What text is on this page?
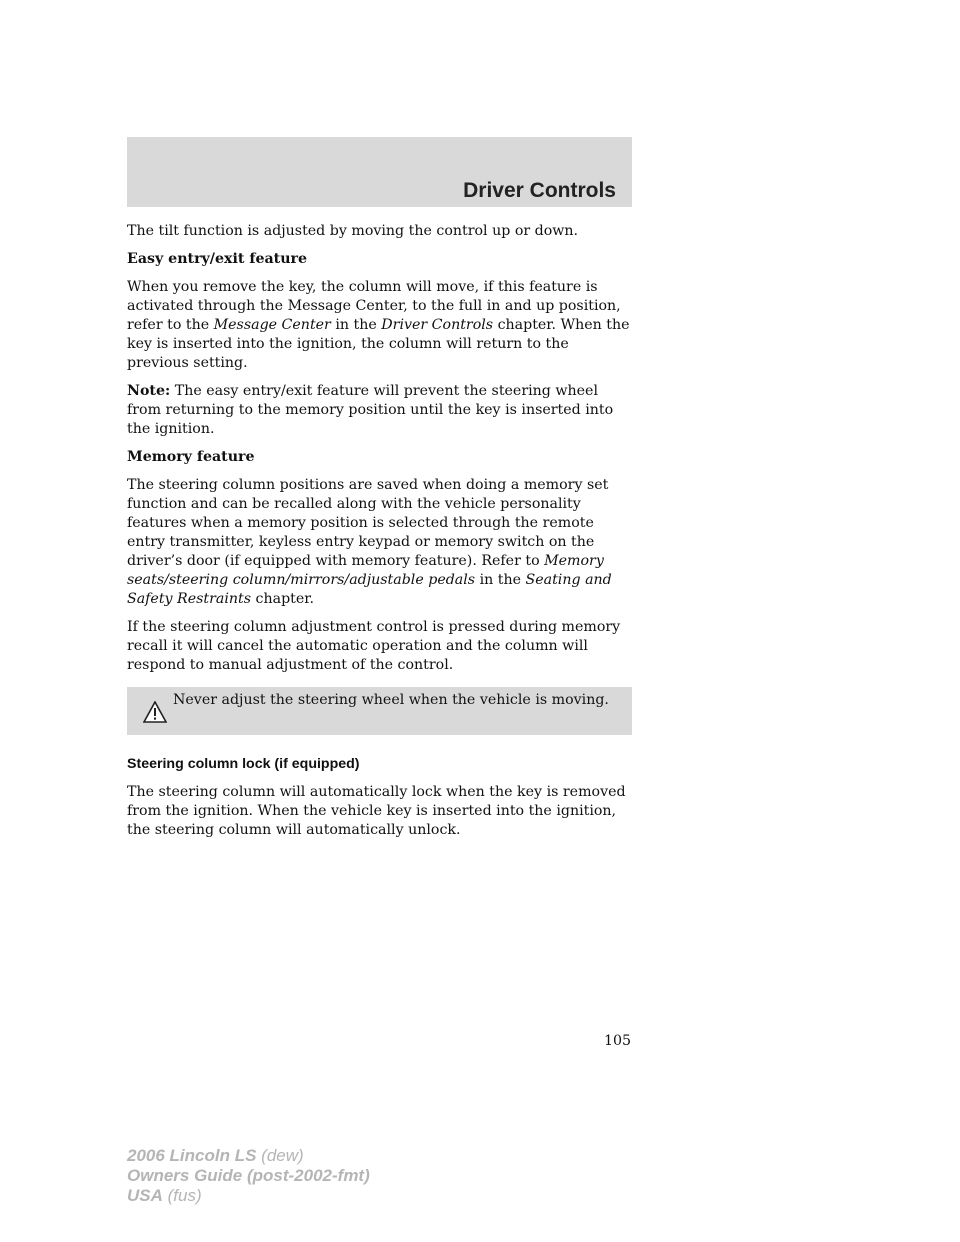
Driver Controls

The tilt function is adjusted by moving the control up or down.

Easy entry/exit feature

When you remove the key, the column will move, if this feature is activated through the Message Center, to the full in and up position, refer to the Message Center in the Driver Controls chapter. When the key is inserted into the ignition, the column will return to the previous setting.

Note: The easy entry/exit feature will prevent the steering wheel from returning to the memory position until the key is inserted into the ignition.

Memory feature

The steering column positions are saved when doing a memory set function and can be recalled along with the vehicle personality features when a memory position is selected through the remote entry transmitter, keyless entry keypad or memory switch on the driver’s door (if equipped with memory feature). Refer to Memory seats/steering column/mirrors/adjustable pedals in the Seating and Safety Restraints chapter.

If the steering column adjustment control is pressed during memory recall it will cancel the automatic operation and the column will respond to manual adjustment of the control.

Never adjust the steering wheel when the vehicle is moving.
Steering column lock (if equipped)

The steering column will automatically lock when the key is removed from the ignition. When the vehicle key is inserted into the ignition, the steering column will automatically unlock.

105
2006 Lincoln LS (dew)
Owners Guide (post-2002-fmt)
USA (fus)
